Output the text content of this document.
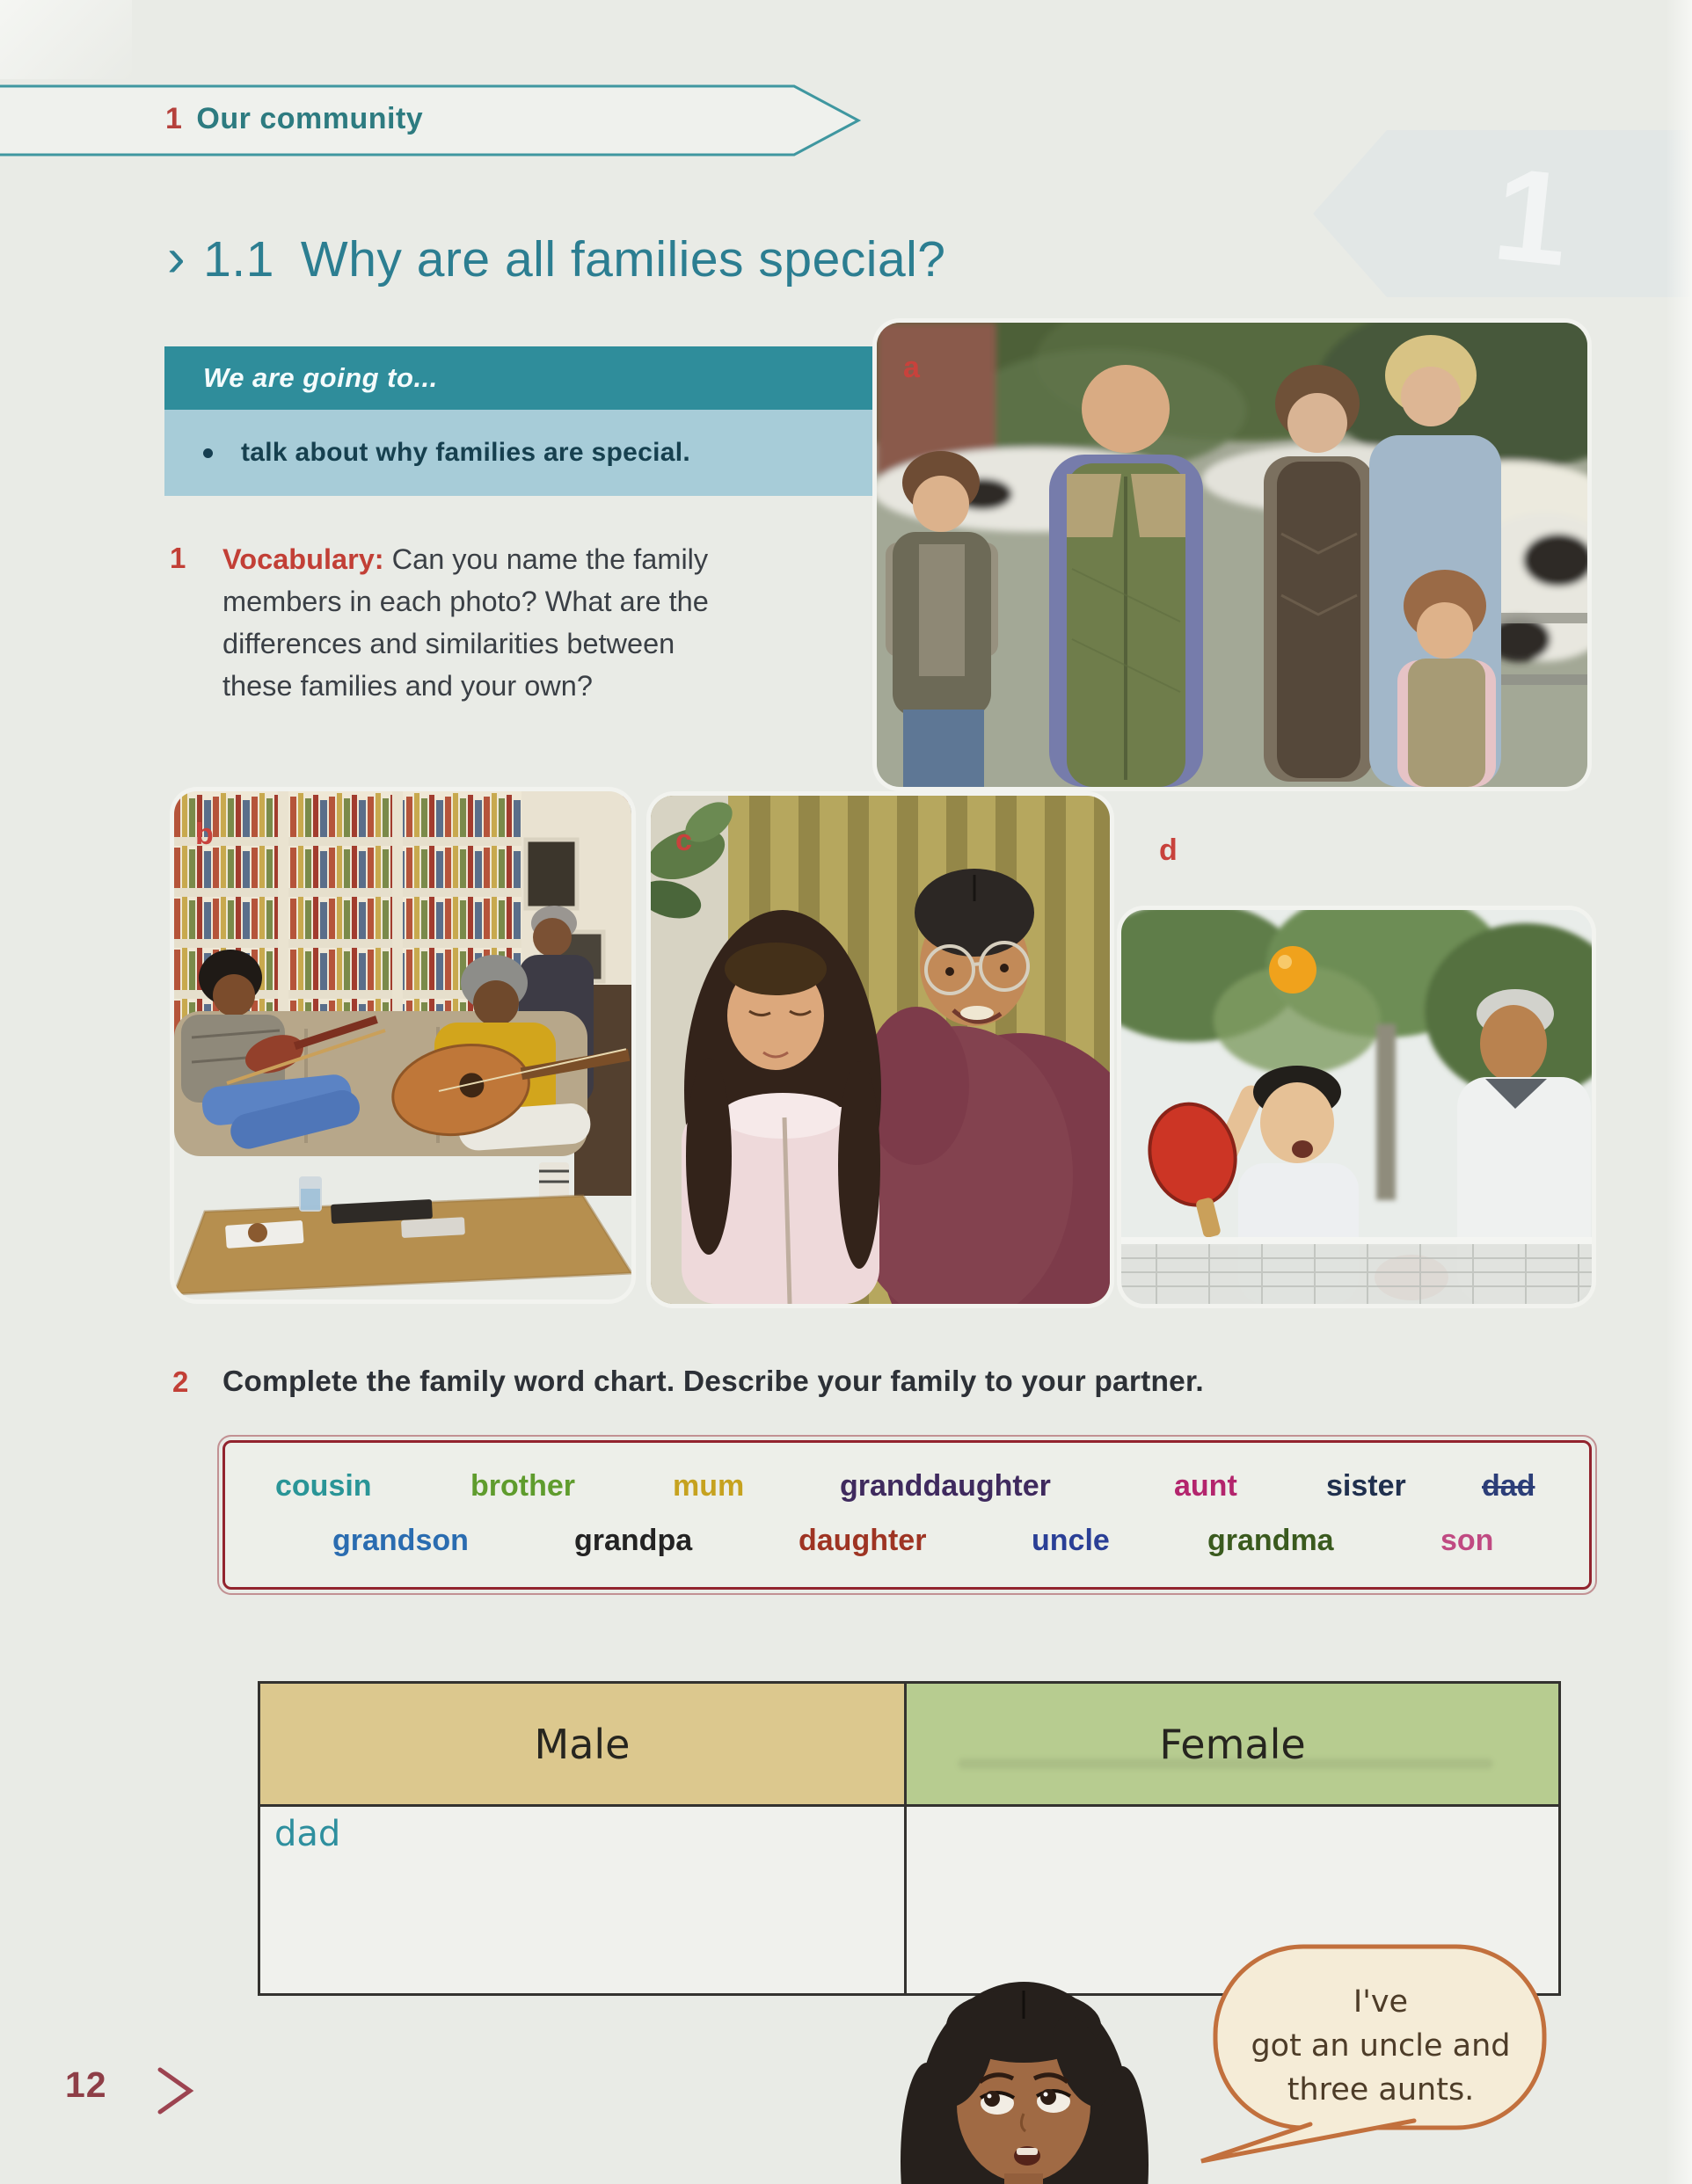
1
1 Our community
› 1.1 Why are all families special?
We are going to...
talk about why families are special.
1 Vocabulary: Can you name the family
members in each photo? What are the
differences and similarities between
these families and your own?
a
b	c	d
2 Complete the family word chart. Describe your family to your partner.
cousin	brother	mum	granddaughter	aunt	sister	dad
grandson	grandpa	daughter	uncle	grandma	son
Male	Female
dad
I've
got an uncle and
three aunts.
12
